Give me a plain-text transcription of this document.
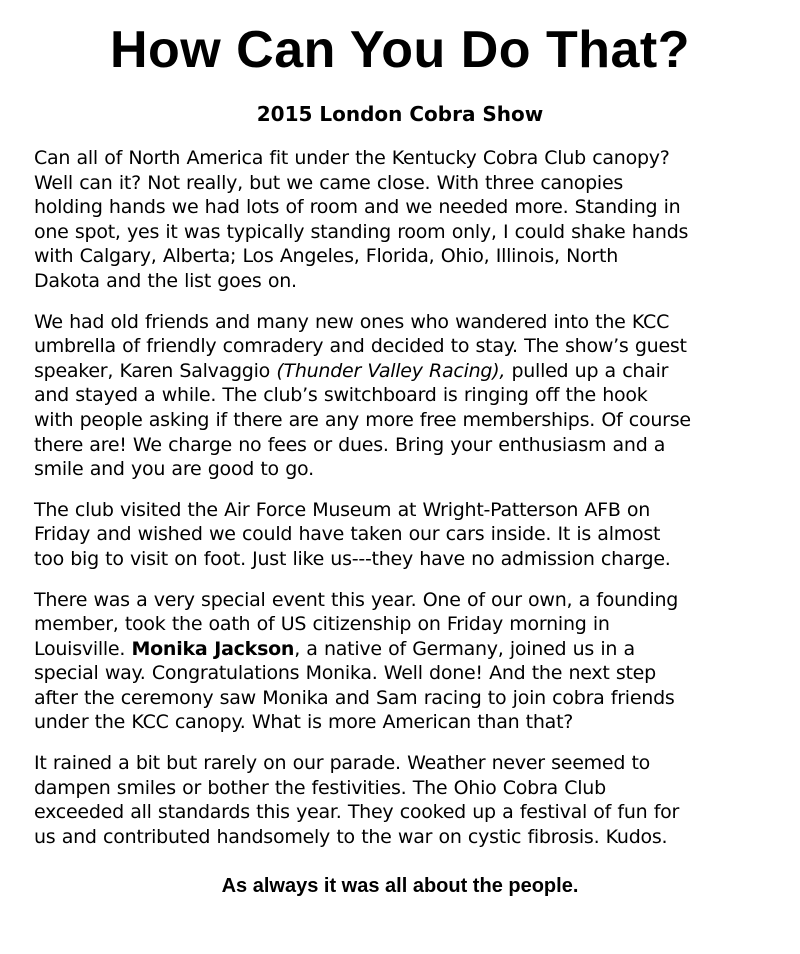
How Can You Do That?
2015 London Cobra Show

Can all of North America fit under the Kentucky Cobra Club canopy?
Well can it? Not really, but we came close. With three canopies
holding hands we had lots of room and we needed more. Standing in
one spot, yes it was typically standing room only, I could shake hands
with Calgary, Alberta; Los Angeles, Florida, Ohio, Illinois, North
Dakota and the list goes on.

We had old friends and many new ones who wandered into the KCC
umbrella of friendly comradery and decided to stay. The show’s guest
speaker, Karen Salvaggio (Thunder Valley Racing), pulled up a chair
and stayed a while. The club’s switchboard is ringing off the hook
with people asking if there are any more free memberships. Of course
there are! We charge no fees or dues. Bring your enthusiasm and a
smile and you are good to go.

The club visited the Air Force Museum at Wright-Patterson AFB on
Friday and wished we could have taken our cars inside. It is almost
too big to visit on foot. Just like us---they have no admission charge.

There was a very special event this year. One of our own, a founding
member, took the oath of US citizenship on Friday morning in
Louisville. Monika Jackson, a native of Germany, joined us in a
special way. Congratulations Monika. Well done! And the next step
after the ceremony saw Monika and Sam racing to join cobra friends
under the KCC canopy. What is more American than that?

It rained a bit but rarely on our parade. Weather never seemed to
dampen smiles or bother the festivities. The Ohio Cobra Club
exceeded all standards this year. They cooked up a festival of fun for
us and contributed handsomely to the war on cystic fibrosis. Kudos.

As always it was all about the people.
